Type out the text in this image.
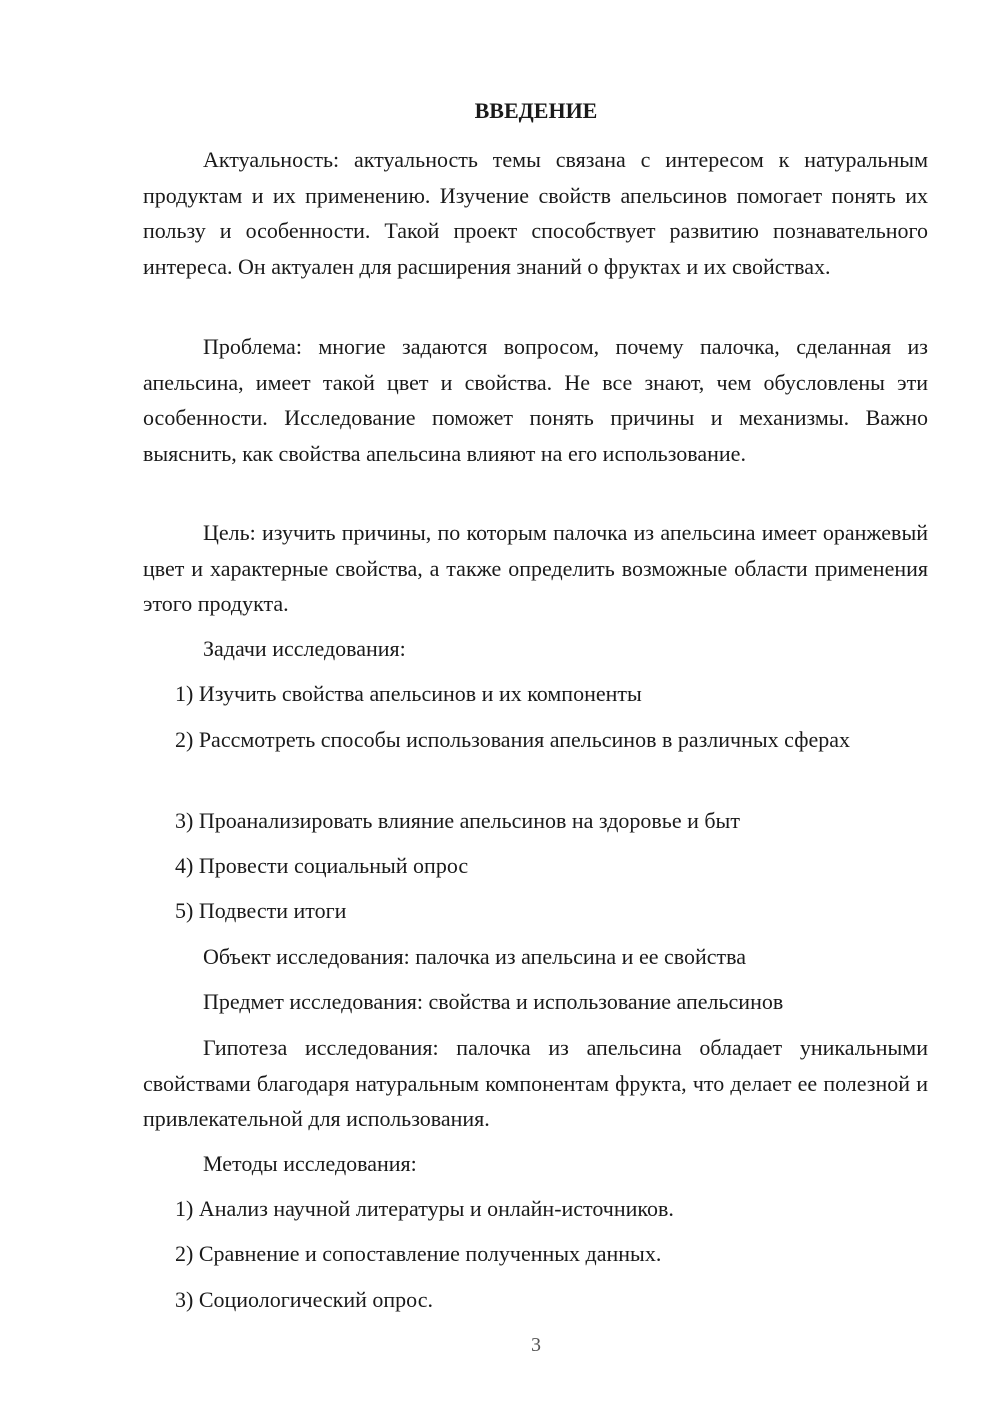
ВВЕДЕНИЕ

Актуальность: актуальность темы связана с интересом к натуральным продуктам и их применению. Изучение свойств апельсинов помогает понять их пользу и особенности. Такой проект способствует развитию познавательного интереса. Он актуален для расширения знаний о фруктах и их свойствах.

Проблема: многие задаются вопросом, почему палочка, сделанная из апельсина, имеет такой цвет и свойства. Не все знают, чем обусловлены эти особенности. Исследование поможет понять причины и механизмы. Важно выяснить, как свойства апельсина влияют на его использование.

Цель: изучить причины, по которым палочка из апельсина имеет оранжевый цвет и характерные свойства, а также определить возможные области применения этого продукта.

Задачи исследования:

1) Изучить свойства апельсинов и их компоненты

2) Рассмотреть способы использования апельсинов в различных сферах

3) Проанализировать влияние апельсинов на здоровье и быт

4) Провести социальный опрос

5) Подвести итоги

Объект исследования: палочка из апельсина и ее свойства

Предмет исследования: свойства и использование апельсинов

Гипотеза исследования: палочка из апельсина обладает уникальными свойствами благодаря натуральным компонентам фрукта, что делает ее полезной и привлекательной для использования.

Методы исследования:

1) Анализ научной литературы и онлайн-источников.

2) Сравнение и сопоставление полученных данных.

3) Социологический опрос.

3
